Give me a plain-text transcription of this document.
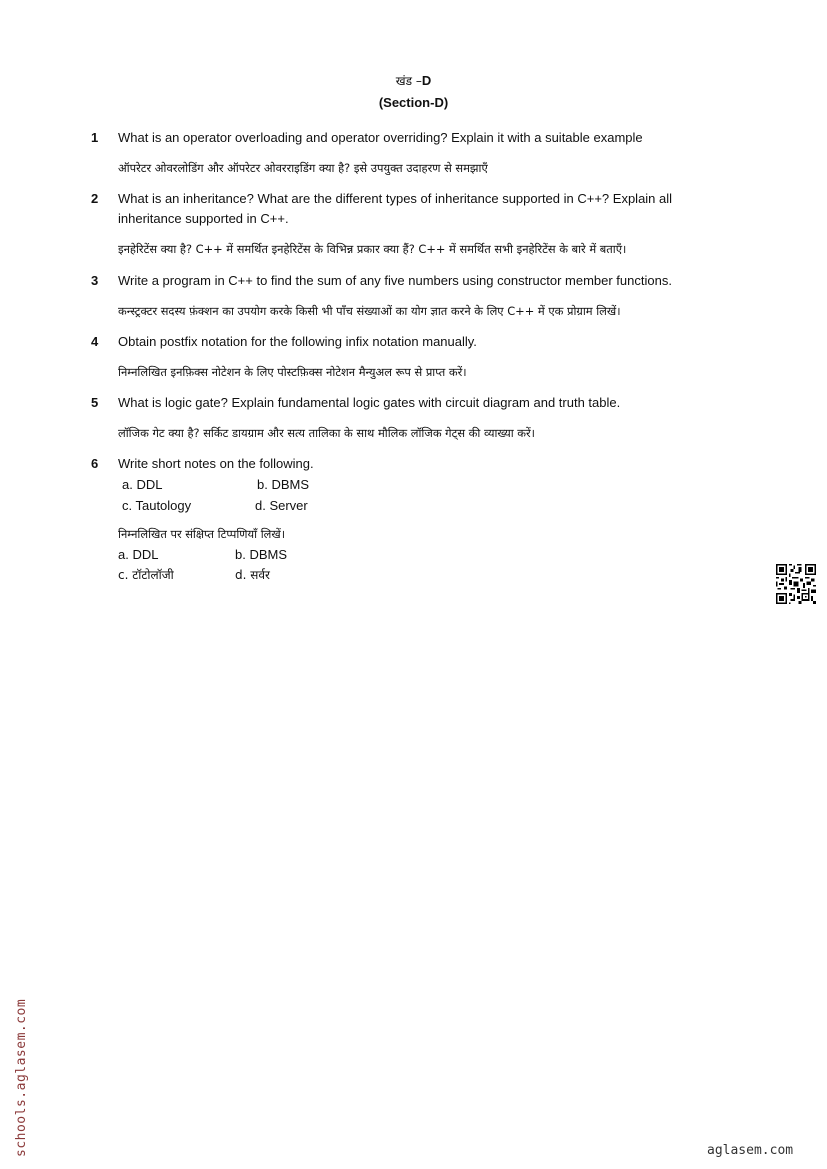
खंड –D
(Section-D)
1 What is an operator overloading and operator overriding? Explain it with a suitable example

ऑपरेटर ओवरलोडिंग और ऑपरेटर ओवरराइडिंग क्या है? इसे उपयुक्त उदाहरण से समझाएँ

2 What is an inheritance? What are the different types of inheritance supported in C++? Explain all

inheritance supported in C++.

इनहेरिटेंस क्या है? C++ में समर्थित इनहेरिटेंस के विभिन्न प्रकार क्या हैं? C++ में समर्थित सभी इनहेरिटेंस के बारे में बताएँ।

3 Write a program in C++ to find the sum of any five numbers using constructor member functions.

कन्स्ट्रक्टर सदस्य फ़ंक्शन का उपयोग करके किसी भी पाँच संख्याओं का योग ज्ञात करने के लिए C++ में एक प्रोग्राम लिखें।

4 Obtain postfix notation for the following infix notation manually.

निम्नलिखित इनफ़िक्स नोटेशन के लिए पोस्टफ़िक्स नोटेशन मैन्युअल रूप से प्राप्त करें।

5 What is logic gate? Explain fundamental logic gates with circuit diagram and truth table.

लॉजिक गेट क्या है? सर्किट डायग्राम और सत्य तालिका के साथ मौलिक लॉजिक गेट्स की व्याख्या करें।

6 Write short notes on the following.

a. DDL	b. DBMS
c. Tautology	d. Server

निम्नलिखित पर संक्षिप्त टिप्पणियाँ लिखें।

a. DDL	b. DBMS
c. टॉटोलॉजी	d. सर्वर
schools.aglasem.com	aglasem.com
